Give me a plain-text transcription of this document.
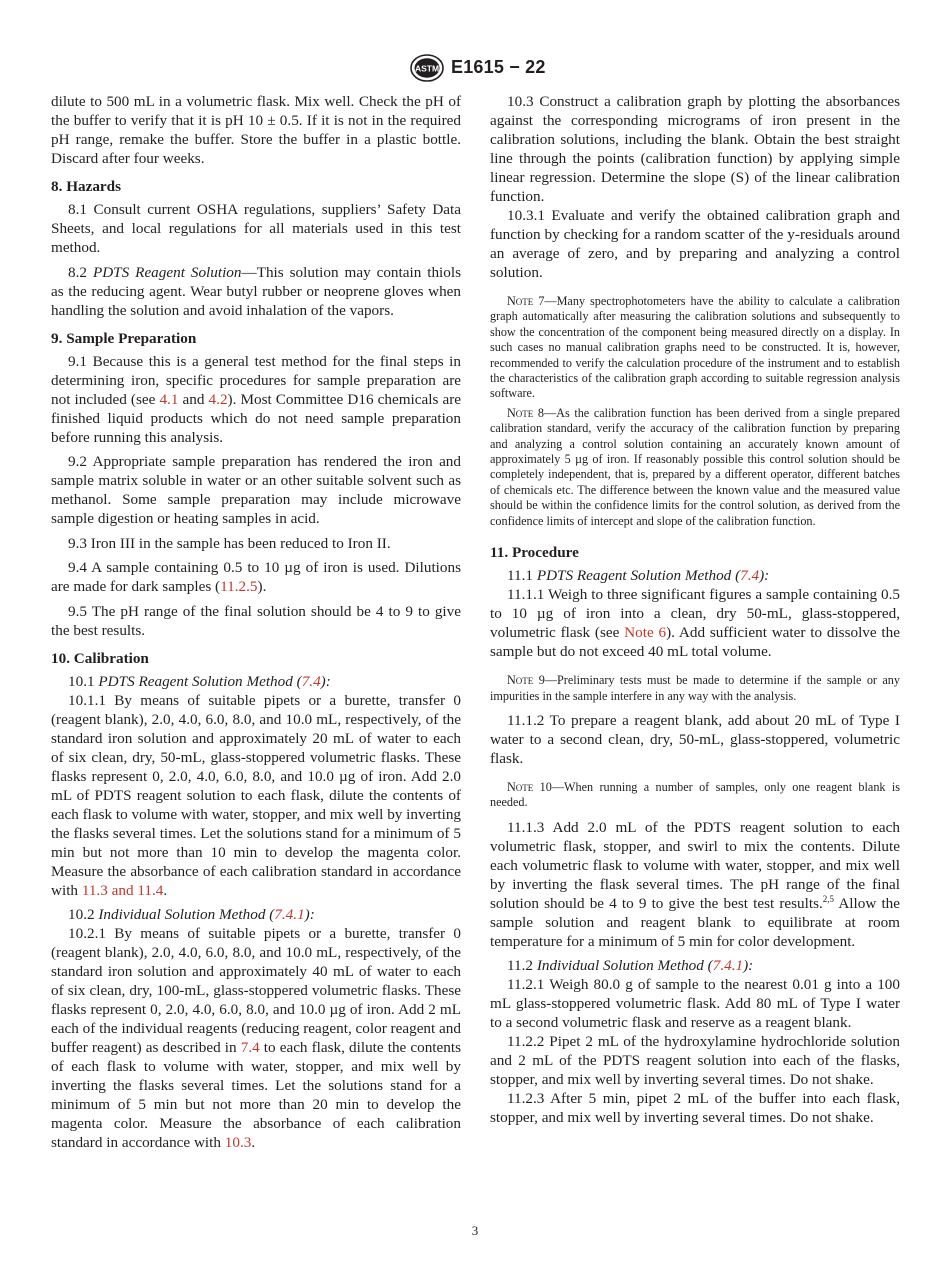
ASTM E1615 − 22

dilute to 500 mL in a volumetric flask. Mix well. Check the pH of the buffer to verify that it is pH 10 ± 0.5. If it is not in the required pH range, remake the buffer. Store the buffer in a plastic bottle. Discard after four weeks.

8. Hazards

8.1 Consult current OSHA regulations, suppliers’ Safety Data Sheets, and local regulations for all materials used in this test method.

8.2 PDTS Reagent Solution—This solution may contain thiols as the reducing agent. Wear butyl rubber or neoprene gloves when handling the solution and avoid inhalation of the vapors.

9. Sample Preparation

9.1 Because this is a general test method for the final steps in determining iron, specific procedures for sample preparation are not included (see 4.1 and 4.2). Most Committee D16 chemicals are finished liquid products which do not need sample preparation before running this analysis.

9.2 Appropriate sample preparation has rendered the iron and sample matrix soluble in water or an other suitable solvent such as methanol. Some sample preparation may include microwave sample digestion or heating samples in acid.

9.3 Iron III in the sample has been reduced to Iron II.

9.4 A sample containing 0.5 to 10 µg of iron is used. Dilutions are made for dark samples (11.2.5).

9.5 The pH range of the final solution should be 4 to 9 to give the best results.

10. Calibration

10.1 PDTS Reagent Solution Method (7.4):

10.1.1 By means of suitable pipets or a burette, transfer 0 (reagent blank), 2.0, 4.0, 6.0, 8.0, and 10.0 mL, respectively, of the standard iron solution and approximately 20 mL of water to each of six clean, dry, 50-mL, glass-stoppered volumetric flasks. These flasks represent 0, 2.0, 4.0, 6.0, 8.0, and 10.0 µg of iron. Add 2.0 mL of PDTS reagent solution to each flask, dilute the contents of each flask to volume with water, stopper, and mix well by inverting the flasks several times. Let the solutions stand for a minimum of 5 min but not more than 10 min to develop the magenta color. Measure the absorbance of each calibration standard in accordance with 11.3 and 11.4.

10.2 Individual Solution Method (7.4.1):

10.2.1 By means of suitable pipets or a burette, transfer 0 (reagent blank), 2.0, 4.0, 6.0, 8.0, and 10.0 mL, respectively, of the standard iron solution and approximately 40 mL of water to each of six clean, dry, 100-mL, glass-stoppered volumetric flasks. These flasks represent 0, 2.0, 4.0, 6.0, 8.0, and 10.0 µg of iron. Add 2 mL each of the individual reagents (reducing reagent, color reagent and buffer reagent) as described in 7.4 to each flask, dilute the contents of each flask to volume with water, stopper, and mix well by inverting the flasks several times. Let the solutions stand for a minimum of 5 min but not more than 20 min to develop the magenta color. Measure the absorbance of each calibration standard in accordance with 10.3.

10.3 Construct a calibration graph by plotting the absorbances against the corresponding micrograms of iron present in the calibration solutions, including the blank. Obtain the best straight line through the points (calibration function) by applying simple linear regression. Determine the slope (S) of the linear calibration function.

10.3.1 Evaluate and verify the obtained calibration graph and function by checking for a random scatter of the y-residuals around an average of zero, and by preparing and analyzing a control solution.

Note 7—Many spectrophotometers have the ability to calculate a calibration graph automatically after measuring the calibration solutions and subsequently to show the concentration of the component being measured directly on a display. In such cases no manual calibration graphs need to be constructed. It is, however, recommended to verify the calculation procedure of the instrument and to establish the characteristics of the calibration graph according to suitable regression analysis software.

Note 8—As the calibration function has been derived from a single prepared calibration standard, verify the accuracy of the calibration function by preparing and analyzing a control solution containing an accurately known amount of approximately 5 µg of iron. If reasonably possible this control solution should be completely independent, that is, prepared by a different operator, different batches of chemicals etc. The difference between the known value and the measured value should be within the confidence limits for the control solution, as derived from the confidence limits of intercept and slope of the calibration function.

11. Procedure

11.1 PDTS Reagent Solution Method (7.4):

11.1.1 Weigh to three significant figures a sample containing 0.5 to 10 µg of iron into a clean, dry 50-mL, glass-stoppered, volumetric flask (see Note 6). Add sufficient water to dissolve the sample but do not exceed 40 mL total volume.

Note 9—Preliminary tests must be made to determine if the sample or any impurities in the sample interfere in any way with the analysis.

11.1.2 To prepare a reagent blank, add about 20 mL of Type I water to a second clean, dry, 50-mL, glass-stoppered, volumetric flask.

Note 10—When running a number of samples, only one reagent blank is needed.

11.1.3 Add 2.0 mL of the PDTS reagent solution to each volumetric flask, stopper, and swirl to mix the contents. Dilute each volumetric flask to volume with water, stopper, and mix well by inverting the flask several times. The pH range of the final solution should be 4 to 9 to give the best test results.$^{2,5}$ Allow the sample solution and reagent blank to equilibrate at room temperature for a minimum of 5 min for color development.

11.2 Individual Solution Method (7.4.1):

11.2.1 Weigh 80.0 g of sample to the nearest 0.01 g into a 100 mL glass-stoppered volumetric flask. Add 80 mL of Type I water to a second volumetric flask and reserve as a reagent blank.

11.2.2 Pipet 2 mL of the hydroxylamine hydrochloride solution and 2 mL of the PDTS reagent solution into each of the flasks, stopper, and mix well by inverting several times. Do not shake.

11.2.3 After 5 min, pipet 2 mL of the buffer into each flask, stopper, and mix well by inverting several times. Do not shake.

3
